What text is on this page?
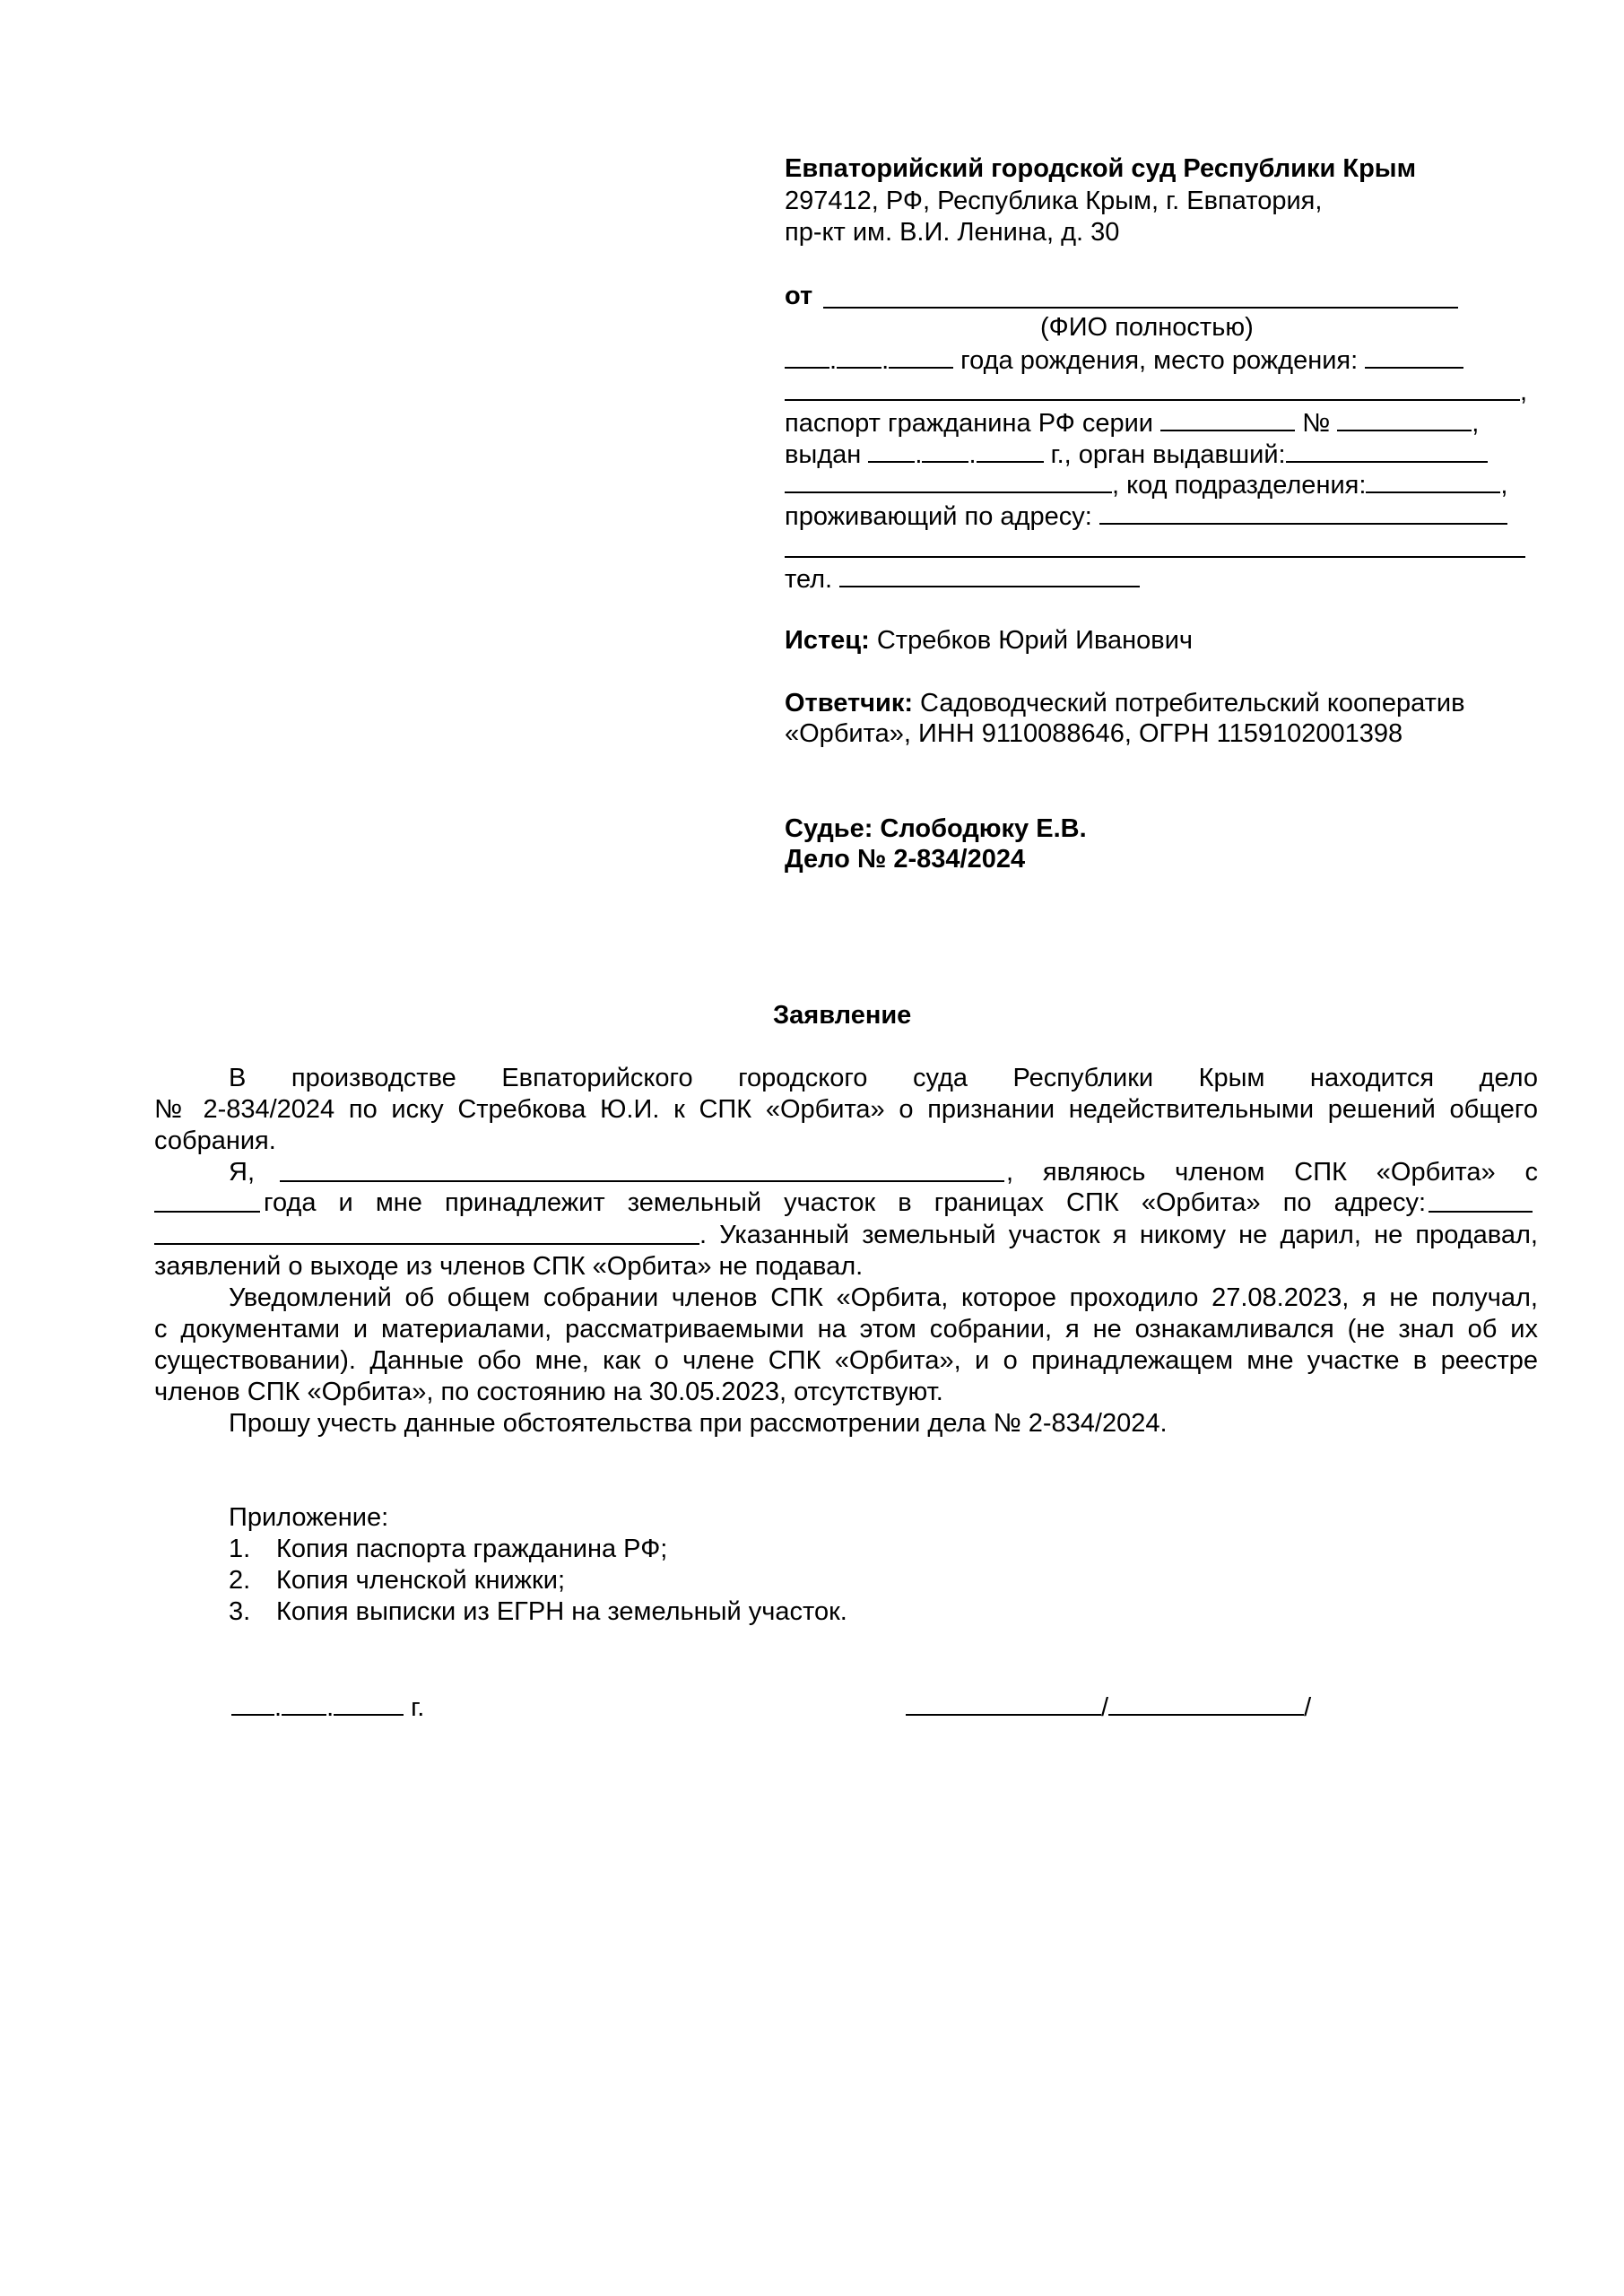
Евпаторийский городской суд Республики Крым
297412, РФ, Республика Крым, г. Евпатория,
пр-кт им. В.И. Ленина, д. 30
от
(ФИО полностью)
. . года рождения, место рождения:
,
паспорт гражданина РФ серии	№	,
выдан . .	г., орган выдавший:
, код подразделения:	,
проживающий по адресу:
тел.
Истец: Стребков Юрий Иванович
Ответчик: Садоводческий потребительский кооператив
«Орбита», ИНН 9110088646, ОГРН 1159102001398
Судье: Слободюку Е.В.
Дело № 2-834/2024
Заявление
В производстве Евпаторийского городского суда Республики Крым находится дело
№ 2-834/2024 по иску Стребкова Ю.И. к СПК «Орбита» о признании недействительными решений общего
собрания.
Я,	, являюсь членом СПК «Орбита» с
года и мне принадлежит земельный участок в границах СПК «Орбита» по адресу:
. Указанный земельный участок я никому не дарил, не продавал,
заявлений о выходе из членов СПК «Орбита» не подавал.
Уведомлений об общем собрании членов СПК «Орбита, которое проходило 27.08.2023, я не получал,
с документами и материалами, рассматриваемыми на этом собрании, я не ознакамливался (не знал об их
существовании). Данные обо мне, как о члене СПК «Орбита», и о принадлежащем мне участке в реестре
членов СПК «Орбита», по состоянию на 30.05.2023, отсутствуют.
Прошу учесть данные обстоятельства при рассмотрении дела № 2-834/2024.
Приложение:
1. Копия паспорта гражданина РФ;
2. Копия членской книжки;
3. Копия выписки из ЕГРН на земельный участок.
. .	г.	/	/
